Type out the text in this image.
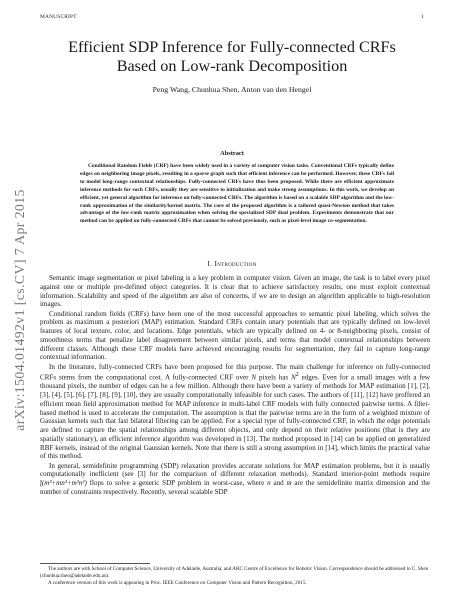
MANUSCRIPT	1
arXiv:1504.01492v1 [cs.CV] 7 Apr 2015
Efficient SDP Inference for Fully-connected CRFs
Based on Low-rank Decomposition
Peng Wang, Chunhua Shen, Anton van den Hengel
Abstract
Conditional Random Fields (CRF) have been widely used in a variety of computer vision tasks. Conventional CRFs typically define edges on neighboring image pixels, resulting in a sparse graph such that efficient inference can be performed. However, these CRFs fail to model long-range contextual relationships. Fully-connected CRFs have thus been proposed. While there are efficient approximate inference methods for such CRFs, usually they are sensitive to initialization and make strong assumptions. In this work, we develop an efficient, yet general algorithm for inference on fully-connected CRFs. The algorithm is based on a scalable SDP algorithm and the low-rank approximation of the similarity/kernel matrix. The core of the proposed algorithm is a tailored quasi-Newton method that takes advantage of the low-rank matrix approximation when solving the specialized SDP dual problem. Experiments demonstrate that our method can be applied on fully-connected CRFs that cannot be solved previously, such as pixel-level image co-segmentation.
I. Introduction

Semantic image segmentation or pixel labeling is a key problem in computer vision. Given an image, the task is to label every pixel against one or multiple pre-defined object categories. It is clear that to achieve satisfactory results, one must exploit contextual information. Scalability and speed of the algorithm are also of concerns, if we are to design an algorithm applicable to high-resolution images.

Conditional random fields (CRFs) have been one of the most successful approaches to semantic pixel labeling, which solves the problem as maximum a posteriori (MAP) estimation. Standard CRFs contain unary potentials that are typically defined on low-level features of local texture, color, and locations. Edge potentials, which are typically defined on 4- or 8-neighboring pixels, consist of smoothness terms that penalize label disagreement between similar pixels, and terms that model contextual relationships between different classes. Although these CRF models have achieved encouraging results for segmentation, they fail to capture long-range contextual information.

In the literature, fully-connected CRFs have been proposed for this purpose. The main challenge for inference on fully-connected CRFs stems from the computational cost. A fully-connected CRF over N pixels has $N^2$ edges. Even for a small images with a few thousand pixels, the number of edges can be a few million. Although there have been a variety of methods for MAP estimation [1], [2], [3], [4], [5], [6], [7], [8], [9], [10], they are usually computationally infeasible for such cases. The authors of [11], [12] have proffered an efficient mean field approximation method for MAP inference in multi-label CRF models with fully connected pairwise terms. A filter-based method is used to accelerate the computation. The assumption is that the pairwise terms are in the form of a weighted mixture of Gaussian kernels such that fast bilateral filtering can be applied. For a special type of fully-connected CRF, in which the edge potentials are defined to capture the spatial relationships among different objects, and only depend on their relative positions (that is they are spatially stationary), an efficient inference algorithm was developed in [13]. The method proposed in [14] can be applied on generalized RBF kernels, instead of the original Gaussian kernels. Note that there is still a strong assumption in [14], which limits the practical value of this method.

In general, semidefinite programming (SDP) relaxation provides accurate solutions for MAP estimation problems, but it is usually computationally inefficient (see [3] for the comparison of different relaxation methods). Standard interior-point methods require ƪ(m³+mn³+m²n²) flops to solve a generic SDP problem in worst-case, where n and m are the semidefinite matrix dimension and the number of constraints respectively. Recently, several scalable SDP

The authors are with School of Computer Science, University of Adelaide, Australia; and ARC Centre of Excellence for Robotic Vision. Correspondence should be addressed to C. Shen (chunhua.shen@adelaide.edu.au).

A conference version of this work is appearing in Proc. IEEE Conference on Computer Vision and Pattern Recognition, 2015.
